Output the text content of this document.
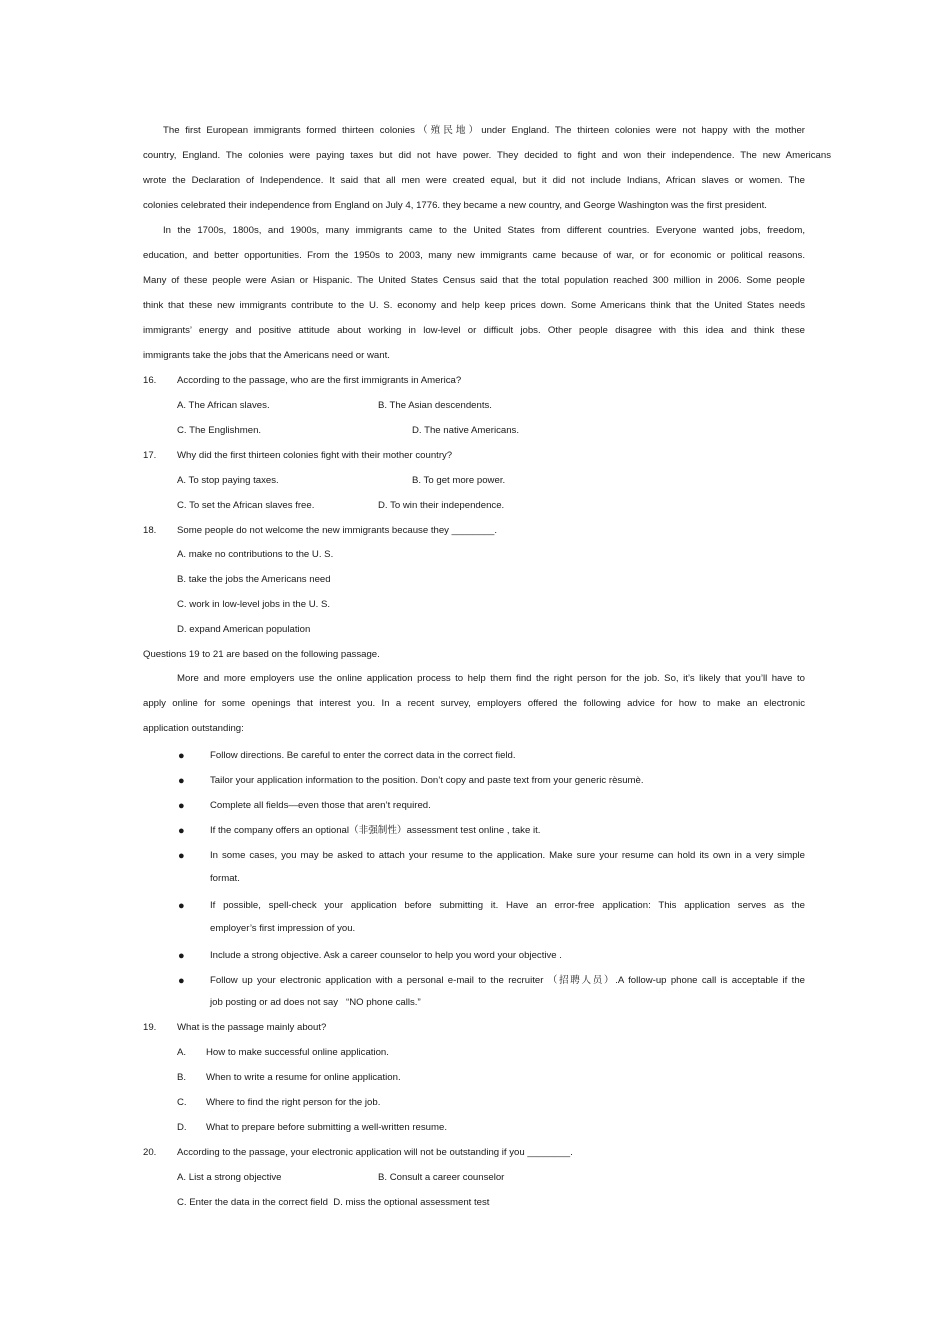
The first European immigrants formed thirteen colonies（殖民地）under England. The thirteen colonies were not happy with the mother
country, England. The colonies were paying taxes but did not have power. They decided to fight and won their independence. The new Americans
wrote the Declaration of Independence. It said that all men were created equal, but it did not include Indians, African slaves or women. The
colonies celebrated their independence from England on July 4, 1776. they became a new country, and George Washington was the first president.
In the 1700s, 1800s, and 1900s, many immigrants came to the United States from different countries. Everyone wanted jobs, freedom,
education, and better opportunities. From the 1950s to 2003, many new immigrants came because of war, or for economic or political reasons.
Many of these people were Asian or Hispanic. The United States Census said that the total population reached 300 million in 2006. Some people
think that these new immigrants contribute to the U. S. economy and help keep prices down. Some Americans think that the United States needs
immigrants’ energy and positive attitude about working in low-level or difficult jobs. Other people disagree with this idea and think these
immigrants take the jobs that the Americans need or want.
16. According to the passage, who are the first immigrants in America?
A. The African slaves.	B. The Asian descendents.
C. The Englishmen.	D. The native Americans.
17. Why did the first thirteen colonies fight with their mother country?
A. To stop paying taxes.	B. To get more power.
C. To set the African slaves free.	D. To win their independence.
18. Some people do not welcome the new immigrants because they ________.
A. make no contributions to the U. S.
B. take the jobs the Americans need
C. work in low-level jobs in the U. S.
D. expand American population
Questions 19 to 21 are based on the following passage.
More and more employers use the online application process to help them find the right person for the job. So, it’s likely that you’ll have to
apply online for some openings that interest you. In a recent survey, employers offered the following advice for how to make an electronic
application outstanding:
●	Follow directions. Be careful to enter the correct data in the correct field.
●	Tailor your application information to the position. Don’t copy and paste text from your generic rèsumè.
●	Complete all fields—even those that aren’t required.
●	If the company offers an optional（非强制性）assessment test online , take it.
●	In some cases, you may be asked to attach your resume to the application. Make sure your resume can hold its own in a very simple
format.
●	If possible, spell-check your application before submitting it. Have an error-free application: This application serves as the
employer’s first impression of you.
●	Include a strong objective. Ask a career counselor to help you word your objective .
●	Follow up your electronic application with a personal e-mail to the recruiter （招聘人员）.A follow-up phone call is acceptable if the
job posting or ad does not say   “NO phone calls.”
19. What is the passage mainly about?
A. How to make successful online application.
B. When to write a resume for online application.
C. Where to find the right person for the job.
D. What to prepare before submitting a well-written resume.
20. According to the passage, your electronic application will not be outstanding if you ________.
A. List a strong objective	B. Consult a career counselor
C. Enter the data in the correct field  D. miss the optional assessment test
